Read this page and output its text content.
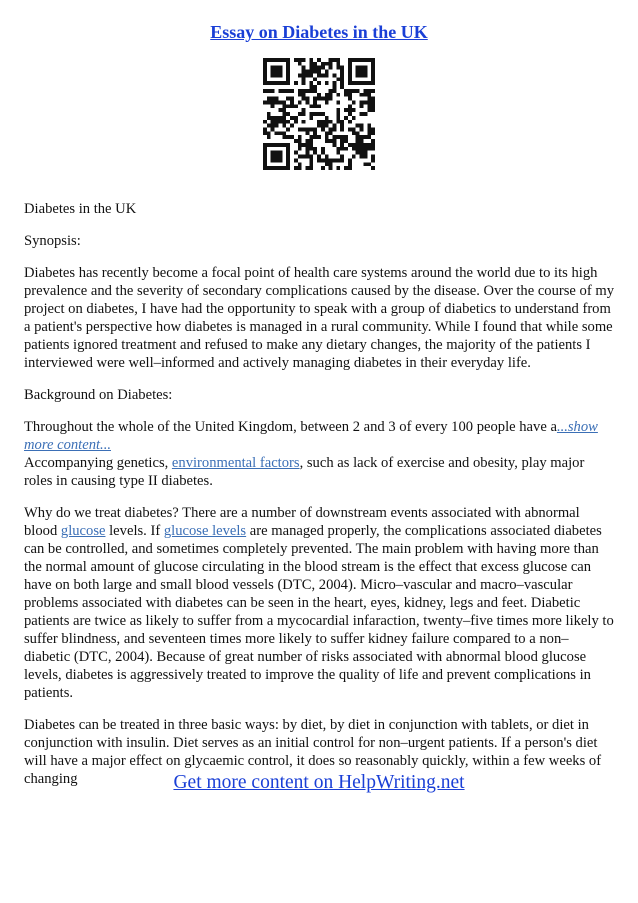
Essay on Diabetes in the UK

Diabetes in the UK

Synopsis:

Diabetes has recently become a focal point of health care systems around the world due to its high prevalence and the severity of secondary complications caused by the disease. Over the course of my project on diabetes, I have had the opportunity to speak with a group of diabetics to understand from a patient's perspective how diabetes is managed in a rural community. While I found that while some patients ignored treatment and refused to make any dietary changes, the majority of the patients I interviewed were well–informed and actively managing diabetes in their everyday life.

Background on Diabetes:

Throughout the whole of the United Kingdom, between 2 and 3 of every 100 people have a...show more content...

Accompanying genetics, environmental factors, such as lack of exercise and obesity, play major roles in causing type II diabetes.

Why do we treat diabetes? There are a number of downstream events associated with abnormal blood glucose levels. If glucose levels are managed properly, the complications associated diabetes can be controlled, and sometimes completely prevented. The main problem with having more than the normal amount of glucose circulating in the blood stream is the effect that excess glucose can have on both large and small blood vessels (DTC, 2004). Micro–vascular and macro–vascular problems associated with diabetes can be seen in the heart, eyes, kidney, legs and feet. Diabetic patients are twice as likely to suffer from a mycocardial infaraction, twenty–five times more likely to suffer blindness, and seventeen times more likely to suffer kidney failure compared to a non–diabetic (DTC, 2004). Because of great number of risks associated with abnormal blood glucose levels, diabetes is aggressively treated to improve the quality of life and prevent complications in patients.

Diabetes can be treated in three basic ways: by diet, by diet in conjunction with tablets, or diet in conjunction with insulin. Diet serves as an initial control for non–urgent patients. If a person's diet will have a major effect on glycaemic control, it does so reasonably quickly, within a few weeks of changing	Get more content on HelpWriting.net
